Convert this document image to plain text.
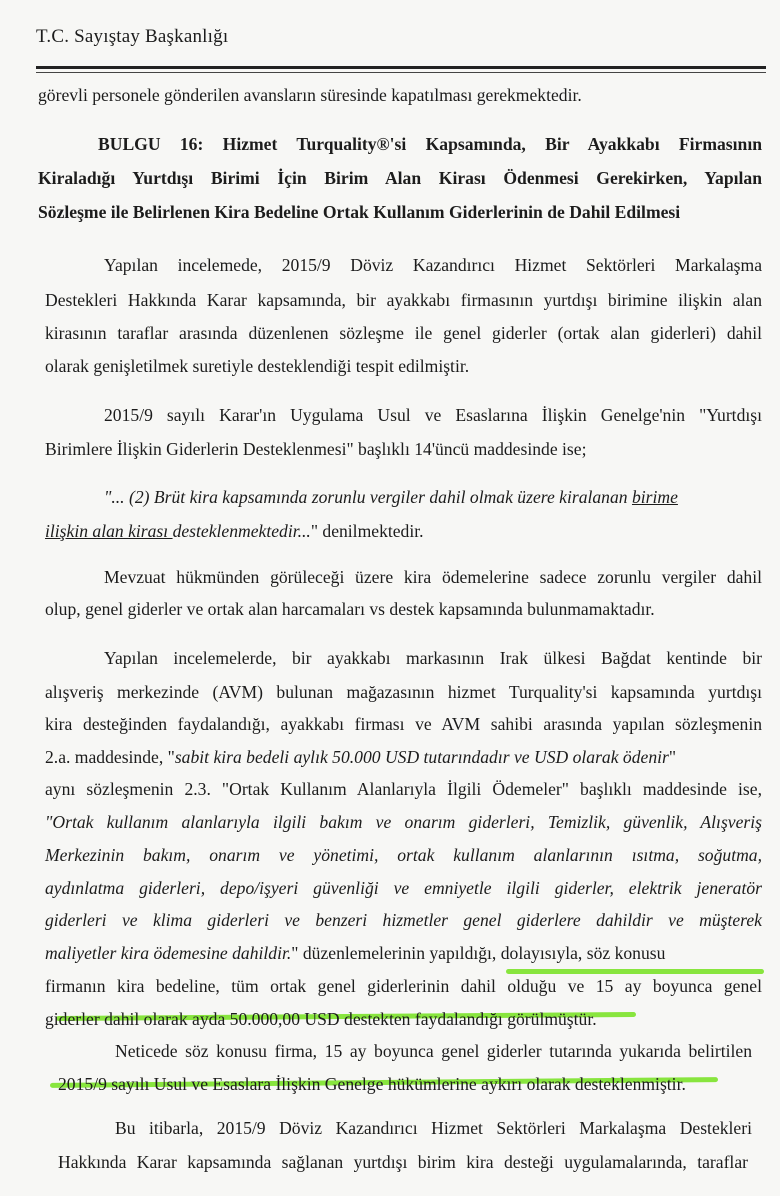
T.C. Sayıştay Başkanlığı
görevli personele gönderilen avansların süresinde kapatılması gerekmektedir.
BULGU 16: Hizmet Turquality®'si Kapsamında, Bir Ayakkabı Firmasının
Kiraladığı Yurtdışı Birimi İçin Birim Alan Kirası Ödenmesi Gerekirken, Yapılan
Sözleşme ile Belirlenen Kira Bedeline Ortak Kullanım Giderlerinin de Dahil Edilmesi
Yapılan incelemede, 2015/9 Döviz Kazandırıcı Hizmet Sektörleri Markalaşma
Destekleri Hakkında Karar kapsamında, bir ayakkabı firmasının yurtdışı birimine ilişkin alan
kirasının taraflar arasında düzenlenen sözleşme ile genel giderler (ortak alan giderleri) dahil
olarak genişletilmek suretiyle desteklendiği tespit edilmiştir.
2015/9 sayılı Karar'ın Uygulama Usul ve Esaslarına İlişkin Genelge'nin "Yurtdışı
Birimlere İlişkin Giderlerin Desteklenmesi" başlıklı 14'üncü maddesinde ise;
"... (2) Brüt kira kapsamında zorunlu vergiler dahil olmak üzere kiralanan birime
ilişkin alan kirası desteklenmektedir..." denilmektedir.
Mevzuat hükmünden görüleceği üzere kira ödemelerine sadece zorunlu vergiler dahil
olup, genel giderler ve ortak alan harcamaları vs destek kapsamında bulunmamaktadır.
Yapılan incelemelerde, bir ayakkabı markasının Irak ülkesi Bağdat kentinde bir
alışveriş merkezinde (AVM) bulunan mağazasının hizmet Turquality'si kapsamında yurtdışı
kira desteğinden faydalandığı, ayakkabı firması ve AVM sahibi arasında yapılan sözleşmenin
2.a. maddesinde, "sabit kira bedeli aylık 50.000 USD tutarındadır ve USD olarak ödenir"
aynı sözleşmenin 2.3. "Ortak Kullanım Alanlarıyla İlgili Ödemeler" başlıklı maddesinde ise,
"Ortak kullanım alanlarıyla ilgili bakım ve onarım giderleri, Temizlik, güvenlik, Alışveriş
Merkezinin bakım, onarım ve yönetimi, ortak kullanım alanlarının ısıtma, soğutma,
aydınlatma giderleri, depo/işyeri güvenliği ve emniyetle ilgili giderler, elektrik jeneratör
giderleri ve klima giderleri ve benzeri hizmetler genel giderlere dahildir ve müşterek
maliyetler kira ödemesine dahildir." düzenlemelerinin yapıldığı, dolayısıyla, söz konusu
firmanın kira bedeline, tüm ortak genel giderlerinin dahil olduğu ve 15 ay boyunca genel
giderler dahil olarak ayda 50.000,00 USD destekten faydalandığı görülmüştür.
Neticede söz konusu firma, 15 ay boyunca genel giderler tutarında yukarıda belirtilen
2015/9 sayılı Usul ve Esaslara İlişkin Genelge hükümlerine aykırı olarak desteklenmiştir.
Bu itibarla, 2015/9 Döviz Kazandırıcı Hizmet Sektörleri Markalaşma Destekleri
Hakkında Karar kapsamında sağlanan yurtdışı birim kira desteği uygulamalarında, taraflar
